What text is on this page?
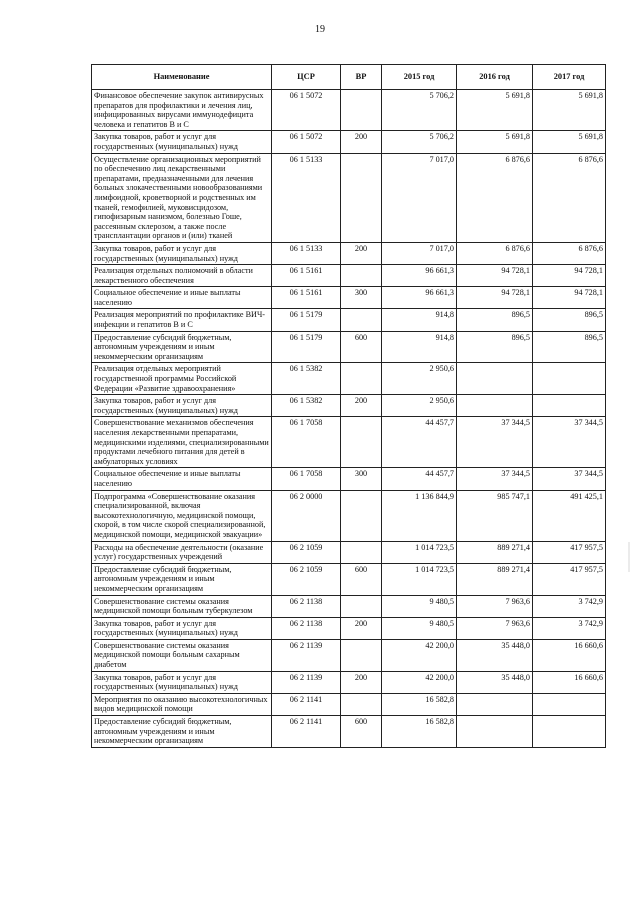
19
Наименование	ЦСР	ВР	2015 год	2016 год	2017 год
Финансовое обеспечение закупок антивирусных препаратов для профилактики и лечения лиц, инфицированных вирусами иммунодефицита человека и гепатитов В и С	06 1 5072		5 706,2	5 691,8	5 691,8
Закупка товаров, работ и услуг для государственных (муниципальных) нужд	06 1 5072	200	5 706,2	5 691,8	5 691,8
Осуществление организационных мероприятий по обеспечению лиц лекарственными препаратами, предназначенными для лечения больных злокачественными новообразованиями лимфоидной, кроветворной и родственных им тканей, гемофилией, муковисцидозом, гипофизарным нанизмом, болезнью Гоше, рассеянным склерозом, а также после трансплантации органов и (или) тканей	06 1 5133		7 017,0	6 876,6	6 876,6
Закупка товаров, работ и услуг для государственных (муниципальных) нужд	06 1 5133	200	7 017,0	6 876,6	6 876,6
Реализация отдельных полномочий в области лекарственного обеспечения	06 1 5161		96 661,3	94 728,1	94 728,1
Социальное обеспечение и иные выплаты населению	06 1 5161	300	96 661,3	94 728,1	94 728,1
Реализация мероприятий по профилактике ВИЧ-инфекции и гепатитов В и С	06 1 5179		914,8	896,5	896,5
Предоставление субсидий бюджетным, автономным учреждениям и иным некоммерческим организациям	06 1 5179	600	914,8	896,5	896,5
Реализация отдельных мероприятий государственной программы Российской Федерации «Развитие здравоохранения»	06 1 5382		2 950,6		
Закупка товаров, работ и услуг для государственных (муниципальных) нужд	06 1 5382	200	2 950,6		
Совершенствование механизмов обеспечения населения лекарственными препаратами, медицинскими изделиями, специализированными продуктами лечебного питания для детей в амбулаторных условиях	06 1 7058		44 457,7	37 344,5	37 344,5
Социальное обеспечение и иные выплаты населению	06 1 7058	300	44 457,7	37 344,5	37 344,5
Подпрограмма «Совершенствование оказания специализированной, включая высокотехнологичную, медицинской помощи, скорой, в том числе скорой специализированной, медицинской помощи, медицинской эвакуации»	06 2 0000		1 136 844,9	985 747,1	491 425,1
Расходы на обеспечение деятельности (оказание услуг) государственных учреждений	06 2 1059		1 014 723,5	889 271,4	417 957,5
Предоставление субсидий бюджетным, автономным учреждениям и иным некоммерческим организациям	06 2 1059	600	1 014 723,5	889 271,4	417 957,5
Совершенствование системы оказания медицинской помощи больным туберкулезом	06 2 1138		9 480,5	7 963,6	3 742,9
Закупка товаров, работ и услуг для государственных (муниципальных) нужд	06 2 1138	200	9 480,5	7 963,6	3 742,9
Совершенствование системы оказания медицинской помощи больным сахарным диабетом	06 2 1139		42 200,0	35 448,0	16 660,6
Закупка товаров, работ и услуг для государственных (муниципальных) нужд	06 2 1139	200	42 200,0	35 448,0	16 660,6
Мероприятия по оказанию высокотехнологичных видов медицинской помощи	06 2 1141		16 582,8		
Предоставление субсидий бюджетным, автономным учреждениям и иным некоммерческим организациям	06 2 1141	600	16 582,8		
